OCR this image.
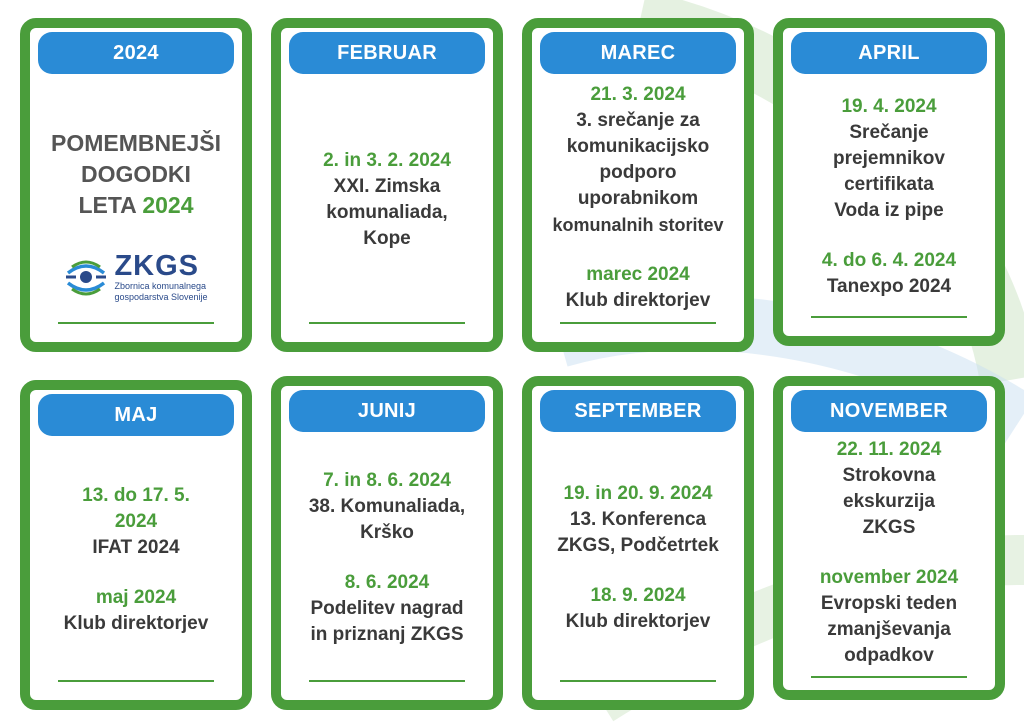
2024
POMEMBNEJŠI
DOGODKI
LETA 2024
ZKGS
Zbornica komunalnega
gospodarstva Slovenije
FEBRUAR
2. in 3. 2. 2024
XXI. Zimska
komunaliada,
Kope
MAREC
21. 3. 2024
3. srečanje za
komunikacijsko
podporo
uporabnikom
komunalnih storitev
marec 2024
Klub direktorjev
APRIL
19. 4. 2024
Srečanje
prejemnikov
certifikata
Voda iz pipe
4. do 6. 4. 2024
Tanexpo 2024
MAJ
13. do 17. 5.
2024
IFAT 2024
maj 2024
Klub direktorjev
JUNIJ
7. in 8. 6. 2024
38. Komunaliada,
Krško
8. 6. 2024
Podelitev nagrad
in priznanj ZKGS
SEPTEMBER
19. in 20. 9. 2024
13. Konferenca
ZKGS, Podčetrtek
18. 9. 2024
Klub direktorjev
NOVEMBER
22. 11. 2024
Strokovna
ekskurzija
ZKGS
november 2024
Evropski teden
zmanjševanja
odpadkov
